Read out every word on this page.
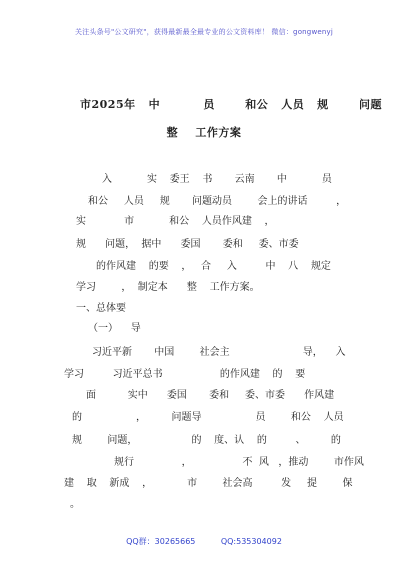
关注头条号"公文研究"，获得最新最全最专业的公文资料库！ 微信：gongwenyj
市2025年   中          员       和公   人员   规       问题
整    工作方案
入           实    委王    书       云南       中           员
和公     人员     规       问题动员        会上的讲话         ，
实            市           和公    人员作风建    ，
规      问题，  据中      委国       委和     委、市委
的作风建    的要    ，   合     入         中    八    规定
学习        ，  制定本      整    工作方案。
一、总体要
（一）    导
习近平新       中国        社会主                       导，    入
学习         习近平总书                  的作风建    的    要
面          实中      委国       委和     委、市委      作风建
的                 ，        问题导                 员        和公    人员
规        问题，                 的    度、认    的         、        的
规行               ，                不  风   ，推动        市作风
建    取    新成    ，           市        社会高         发     提        保
。
QQ群：30265665          QQ:535304092
